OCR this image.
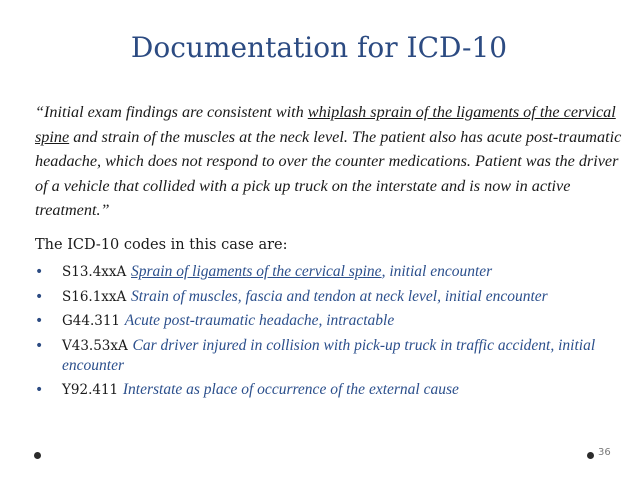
Documentation for ICD-10
“Initial exam findings are consistent with whiplash sprain of the ligaments of the cervical spine and strain of the muscles at the neck level. The patient also has acute post-traumatic headache, which does not respond to over the counter medications. Patient was the driver of a vehicle that collided with a pick up truck on the interstate and is now in active treatment.”
The ICD-10 codes in this case are:
• S13.4xxA Sprain of ligaments of the cervical spine, initial encounter
• S16.1xxA Strain of muscles, fascia and tendon at neck level, initial encounter
• G44.311 Acute post-traumatic headache, intractable
• V43.53xA Car driver injured in collision with pick-up truck in traffic accident, initial encounter
• Y92.411 Interstate as place of occurrence of the external cause
36
